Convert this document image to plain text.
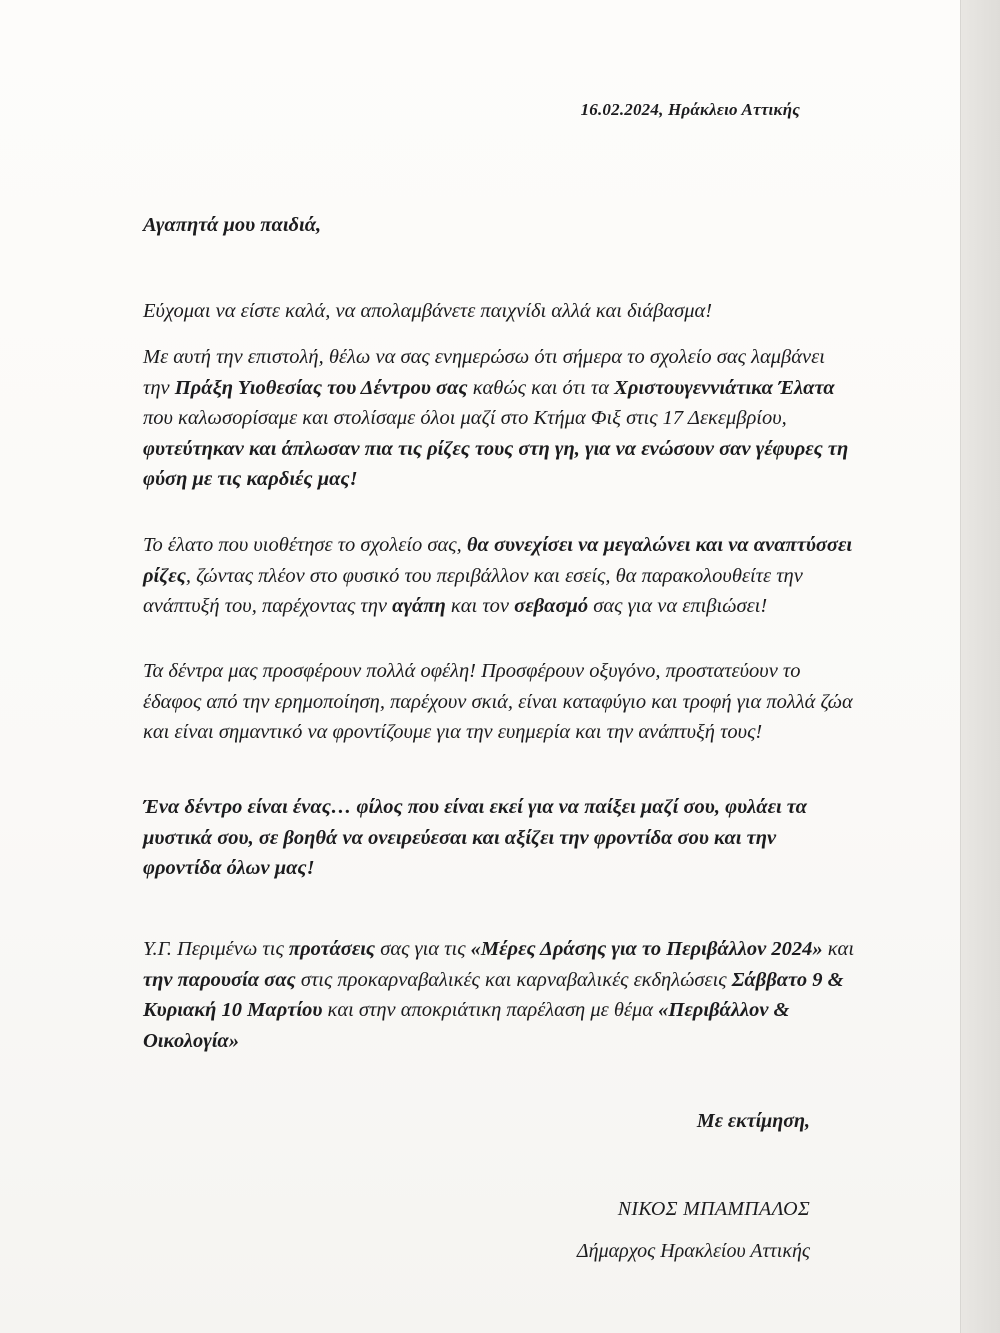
16.02.2024, Ηράκλειο Αττικής
Αγαπητά μου παιδιά,

Εύχομαι να είστε καλά, να απολαμβάνετε παιχνίδι αλλά και διάβασμα!

Με αυτή την επιστολή, θέλω να σας ενημερώσω ότι σήμερα το σχολείο σας λαμβάνει την Πράξη Υιοθεσίας του Δέντρου σας καθώς και ότι τα Χριστουγεννιάτικα Έλατα που καλωσορίσαμε και στολίσαμε όλοι μαζί στο Κτήμα Φιξ στις 17 Δεκεμβρίου, φυτεύτηκαν και άπλωσαν πια τις ρίζες τους στη γη, για να ενώσουν σαν γέφυρες τη φύση με τις καρδιές μας!

Το έλατο που υιοθέτησε το σχολείο σας, θα συνεχίσει να μεγαλώνει και να αναπτύσσει ρίζες, ζώντας πλέον στο φυσικό του περιβάλλον και εσείς, θα παρακολουθείτε την ανάπτυξή του, παρέχοντας την αγάπη και τον σεβασμό σας για να επιβιώσει!

Τα δέντρα μας προσφέρουν πολλά οφέλη! Προσφέρουν οξυγόνο, προστατεύουν το έδαφος από την ερημοποίηση, παρέχουν σκιά, είναι καταφύγιο και τροφή για πολλά ζώα και είναι σημαντικό να φροντίζουμε για την ευημερία και την ανάπτυξή τους!

Ένα δέντρο είναι ένας… φίλος που είναι εκεί για να παίξει μαζί σου, φυλάει τα μυστικά σου, σε βοηθά να ονειρεύεσαι και αξίζει την φροντίδα σου και την φροντίδα όλων μας!

Υ.Γ. Περιμένω τις προτάσεις σας για τις «Μέρες Δράσης για το Περιβάλλον 2024» και την παρουσία σας στις προκαρναβαλικές και καρναβαλικές εκδηλώσεις Σάββατο 9 & Κυριακή 10 Μαρτίου και στην αποκριάτικη παρέλαση με θέμα «Περιβάλλον & Οικολογία»

Με εκτίμηση,
ΝΙΚΟΣ ΜΠΑΜΠΑΛΟΣ
Δήμαρχος Ηρακλείου Αττικής
